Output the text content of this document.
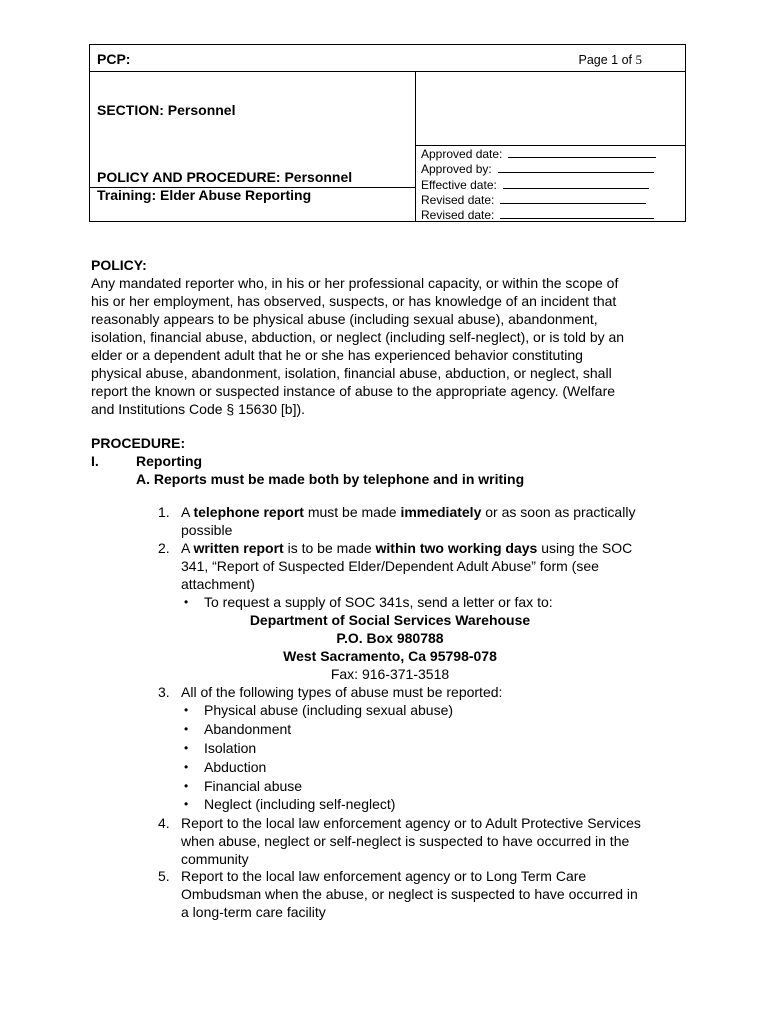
PCP:	Page 1 of 5
SECTION: Personnel
POLICY AND PROCEDURE: Personnel
Training: Elder Abuse Reporting
Approved date:
Approved by:
Effective date:
Revised date:
Revised date:
POLICY:
Any mandated reporter who, in his or her professional capacity, or within the scope of
his or her employment, has observed, suspects, or has knowledge of an incident that
reasonably appears to be physical abuse (including sexual abuse), abandonment,
isolation, financial abuse, abduction, or neglect (including self-neglect), or is told by an
elder or a dependent adult that he or she has experienced behavior constituting
physical abuse, abandonment, isolation, financial abuse, abduction, or neglect, shall
report the known or suspected instance of abuse to the appropriate agency. (Welfare
and Institutions Code § 15630 [b]).
PROCEDURE:
I.	Reporting
A. Reports must be made both by telephone and in writing
1. A telephone report must be made immediately or as soon as practically
possible
2. A written report is to be made within two working days using the SOC
341, “Report of Suspected Elder/Dependent Adult Abuse” form (see
attachment)
• To request a supply of SOC 341s, send a letter or fax to:
Department of Social Services Warehouse
P.O. Box 980788
West Sacramento, Ca 95798-078
Fax: 916-371-3518
3. All of the following types of abuse must be reported:
• Physical abuse (including sexual abuse)
• Abandonment
• Isolation
• Abduction
• Financial abuse
• Neglect (including self-neglect)
4. Report to the local law enforcement agency or to Adult Protective Services
when abuse, neglect or self-neglect is suspected to have occurred in the
community
5. Report to the local law enforcement agency or to Long Term Care
Ombudsman when the abuse, or neglect is suspected to have occurred in
a long-term care facility
